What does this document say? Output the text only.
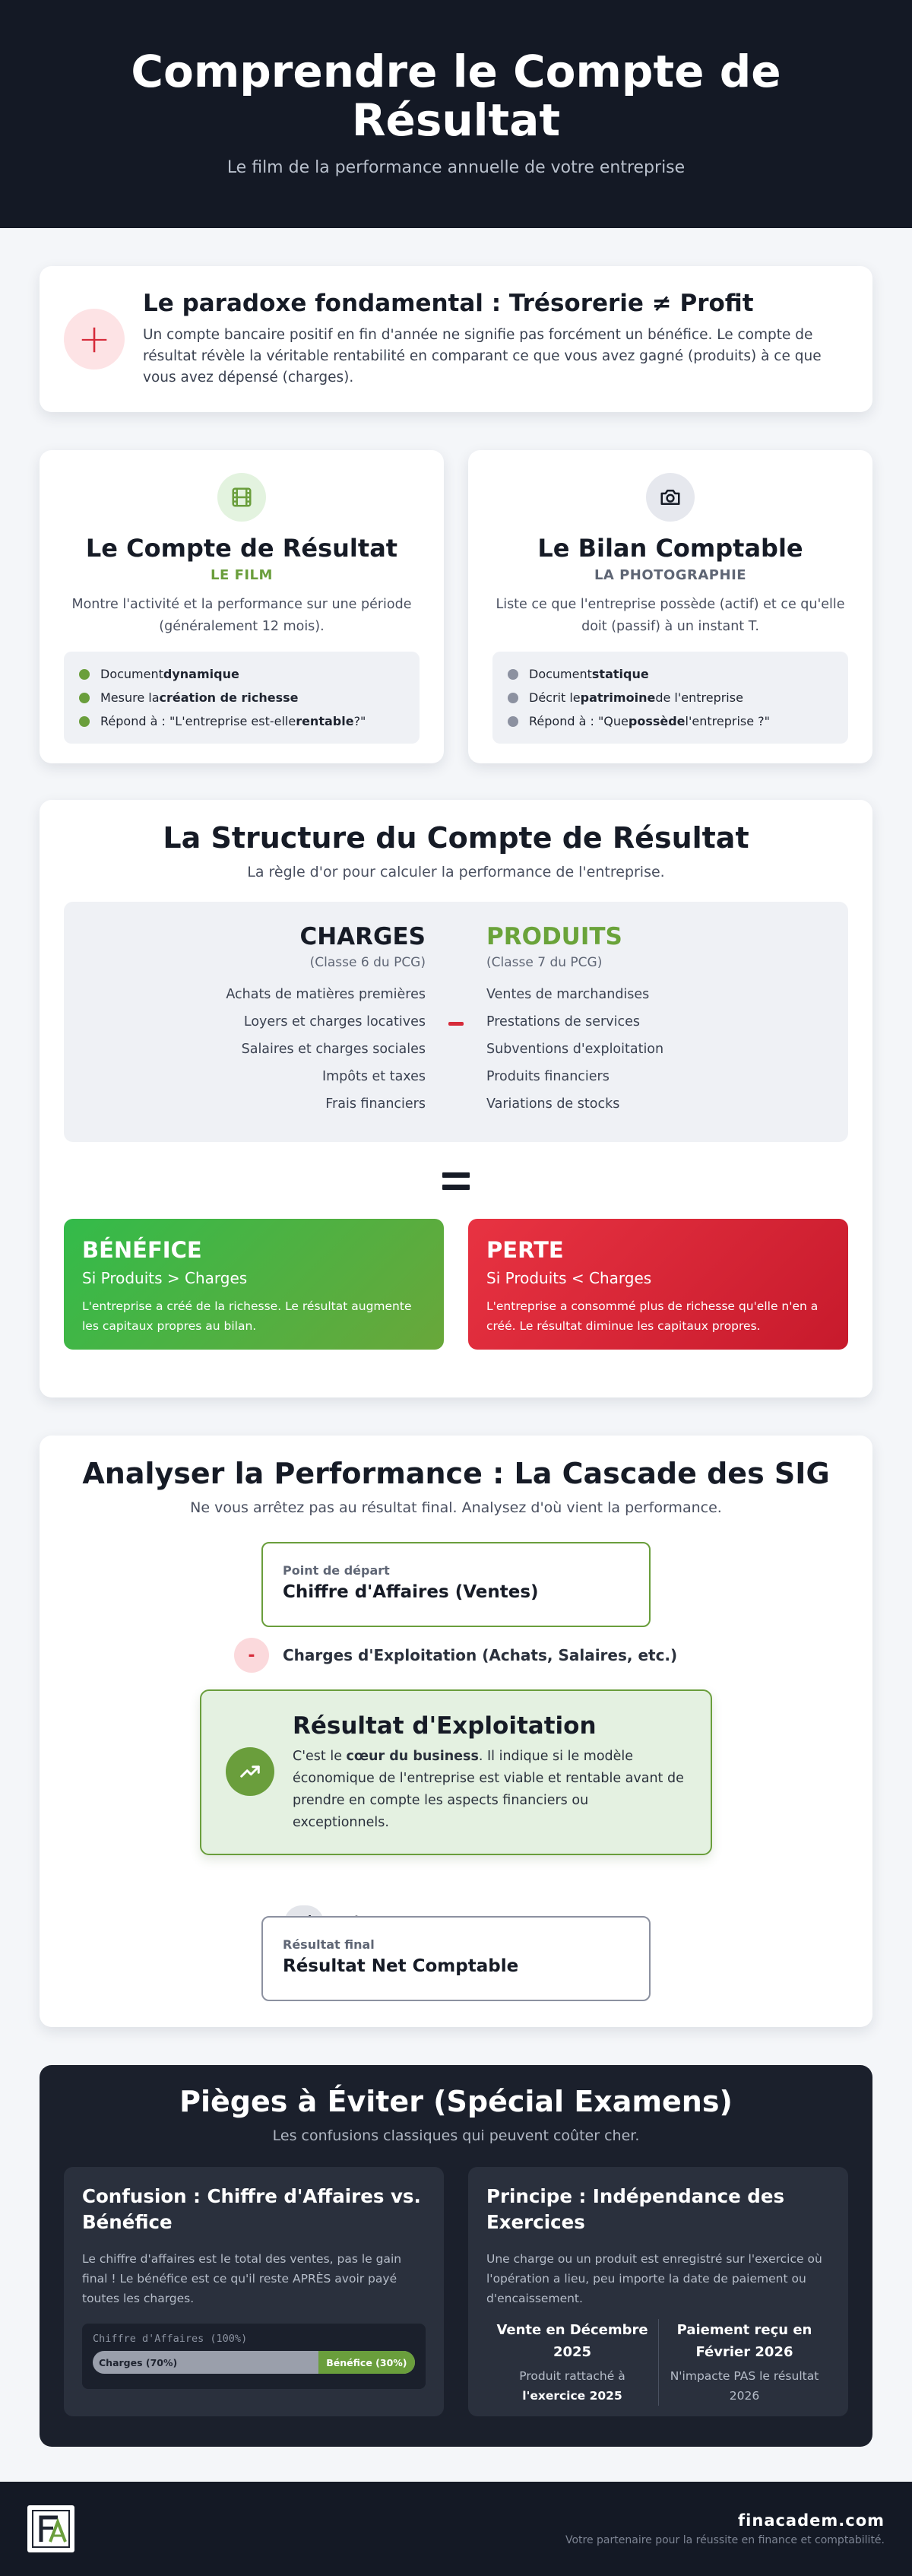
Comprendre le Compte de Résultat

Le film de la performance annuelle de votre entreprise

+
Le paradoxe fondamental : Trésorerie ≠ Profit

Un compte bancaire positif en fin d'année ne signifie pas forcément un bénéfice. Le compte de résultat révèle la véritable rentabilité en comparant ce que vous avez gagné (produits) à ce que vous avez dépensé (charges).

Le Compte de Résultat
LE FILM

Montre l'activité et la performance sur une période (généralement 12 mois).

Document dynamique
Mesure la création de richesse
Répond à : "L'entreprise est-elle rentable ?"
Le Bilan Comptable
LA PHOTOGRAPHIE

Liste ce que l'entreprise possède (actif) et ce qu'elle doit (passif) à un instant T.

Document statique
Décrit le patrimoine de l'entreprise
Répond à : "Que possède l'entreprise ?"
La Structure du Compte de Résultat

La règle d'or pour calculer la performance de l'entreprise.

CHARGES
(Classe 6 du PCG)
Achats de matières premières
Loyers et charges locatives
Salaires et charges sociales
Impôts et taxes
Frais financiers
PRODUITS
(Classe 7 du PCG)
Ventes de marchandises
Prestations de services
Subventions d'exploitation
Produits financiers
Variations de stocks
BÉNÉFICE
Si Produits > Charges
L'entreprise a créé de la richesse. Le résultat augmente les capitaux propres au bilan.
PERTE
Si Produits < Charges
L'entreprise a consommé plus de richesse qu'elle n'en a créé. Le résultat diminue les capitaux propres.
Analyser la Performance : La Cascade des SIG

Ne vous arrêtez pas au résultat final. Analysez d'où vient la performance.

Point de départ
Chiffre d'Affaires (Ventes)
-	Charges d'Exploitation (Achats, Salaires, etc.)
Résultat d'Exploitation

C'est le cœur du business. Il indique si le modèle économique de l'entreprise est viable et rentable avant de prendre en compte les aspects financiers ou exceptionnels.

Résultat final
Résultat Net Comptable
Pièges à Éviter (Spécial Examens)

Les confusions classiques qui peuvent coûter cher.

Confusion : Chiffre d'Affaires vs. Bénéfice

Le chiffre d'affaires est le total des ventes, pas le gain final ! Le bénéfice est ce qu'il reste APRÈS avoir payé toutes les charges.

Chiffre d'Affaires (100%)
Charges (70%)	Bénéfice (30%)
Principe : Indépendance des Exercices

Une charge ou un produit est enregistré sur l'exercice où l'opération a lieu, peu importe la date de paiement ou d'encaissement.

Vente en Décembre 2025
Produit rattaché à l'exercice 2025
Paiement reçu en Février 2026
N'impacte PAS le résultat 2026
finacadem.com
Votre partenaire pour la réussite en finance et comptabilité.
